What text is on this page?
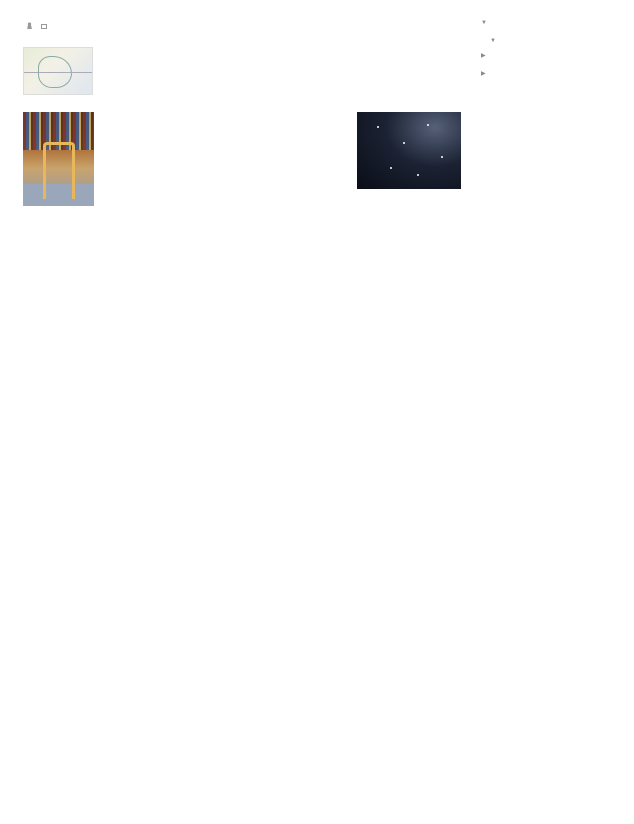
▼
▼
▶
▶
